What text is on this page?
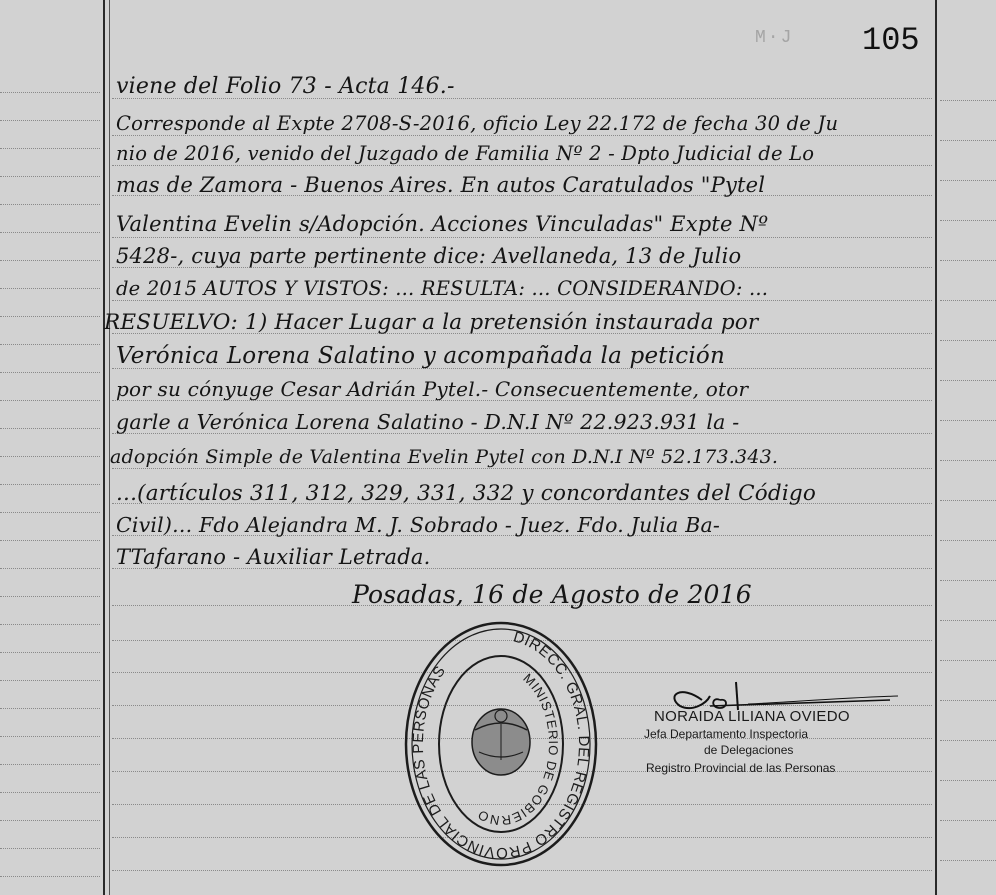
M·J 105
viene del Folio 73 - Acta 146.-
Corresponde al Expte 2708-S-2016, oficio Ley 22.172 de fecha 30 de Ju
nio de 2016, venido del Juzgado de Familia Nº 2 - Dpto Judicial de Lo
mas de Zamora - Buenos Aires. En autos Caratulados "Pytel
Valentina Evelin s/Adopción. Acciones Vinculadas" Expte Nº
5428-, cuya parte pertinente dice: Avellaneda, 13 de Julio
de 2015 AUTOS Y VISTOS: ... RESULTA: ... CONSIDERANDO: ...
RESUELVO: 1) Hacer Lugar a la pretensión instaurada por
Verónica Lorena Salatino y acompañada la petición
por su cónyuge Cesar Adrián Pytel.- Consecuentemente, otor
garle a Verónica Lorena Salatino - D.N.I Nº 22.923.931 la -
adopción Simple de Valentina Evelin Pytel con D.N.I Nº 52.173.343.
...(artículos 311, 312, 329, 331, 332 y concordantes del Código
Civil)... Fdo Alejandra M. J. Sobrado - Juez. Fdo. Julia Ba-
TTafarano - Auxiliar Letrada.
Posadas, 16 de Agosto de 2016
DIRECC. GRAL. DEL REGISTRO PROVINCIAL DE LAS PERSONAS	MINISTERIO DE GOBIERNO
NORAIDA LILIANA OVIEDO
Jefa Departamento Inspectoria
de Delegaciones
Registro Provincial de las Personas
